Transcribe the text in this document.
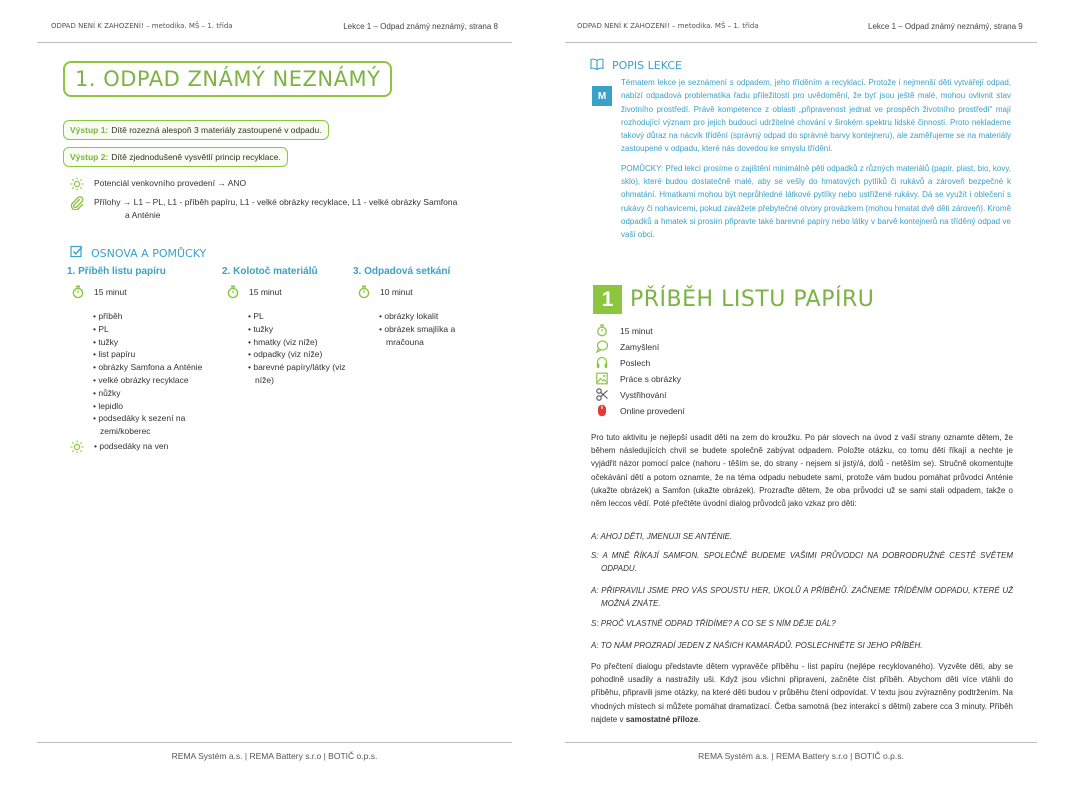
ODPAD NENÍ K ZAHOZENÍ! – metodika. MŠ – 1. třída	Lekce 1 – Odpad známý neznámý, strana 8
1. ODPAD ZNÁMÝ NEZNÁMÝ
Výstup 1: Dítě rozezná alespoň 3 materiály zastoupené v odpadu.
Výstup 2: Dítě zjednodušeně vysvětlí princip recyklace.
Potenciál venkovního provedení → ANO
Přílohy → L1 – PL, L1 - příběh papíru, L1 - velké obrázky recyklace, L1 - velké obrázky Samfona
a Anténie
OSNOVA A POMŮCKY
1. Příběh listu papíru
15 minut
• příběh
• PL
• tužky
• list papíru
• obrázky Samfona a Anténie
• velké obrázky recyklace
• nůžky
• lepidlo
• podsedáky k sezení na zemi/koberec
2. Kolotoč materiálů
15 minut
• PL
• tužky
• hmatky (viz níže)
• odpadky (viz níže)
• barevné papíry/látky (viz níže)
3. Odpadová setkání
10 minut
• obrázky lokalit
• obrázek smajlíka a mračouna
• podsedáky na ven
REMA Systém a.s. | REMA Battery s.r.o | BOTIČ o.p.s.
ODPAD NENÍ K ZAHOZENÍ! – metodika. MŠ – 1. třída	Lekce 1 – Odpad známý neznámý, strana 9
POPIS LEKCE
M

Tématem lekce je seznámení s odpadem, jeho tříděním a recyklací. Protože i nejmenší děti vytvářejí odpad, nabízí odpadová problematika řadu příležitostí pro uvědomění, že byť jsou ještě malé, mohou ovlivnit stav životního prostředí. Právě kompetence z oblasti „připravenost jednat ve prospěch životního prostředí“ mají rozhodující význam pro jejich budoucí udržitelné chování v širokém spektru lidské činnosti. Proto neklademe takový důraz na nácvik třídění (správný odpad do správné barvy kontejneru), ale zaměřujeme se na materiály zastoupené v odpadu, které nás dovedou ke smyslu třídění.

POMŮCKY: Před lekcí prosíme o zajištění minimálně pěti odpadků z různých materiálů (papír, plast, bio, kovy, sklo), které budou dostatečně malé, aby se vešly do hmatových pytlíků či rukávů a zároveň bezpečné k ohmatání. Hmatkami mohou být neprůhledné látkové pytlíky nebo ustřižené rukávy. Dá se využít i oblečení s rukávy či nohavicemi, pokud zavážete přebytečné otvory provázkem (mohou hmatat dvě děti zároveň). Kromě odpadků a hmatek si prosím připravte také barevné papíry nebo látky v barvě kontejnerů na tříděný odpad ve vaší obci.

1 PŘÍBĚH LISTU PAPÍRU
15 minut
Zamyšlení
Poslech
Práce s obrázky
Vystřihování
Online provedení
Pro tuto aktivitu je nejlepší usadit děti na zem do kroužku. Po pár slovech na úvod z vaší strany oznamte dětem, že během následujících chvil se budete společně zabývat odpadem. Položte otázku, co tomu děti říkají a nechte je vyjádřit názor pomocí palce (nahoru - těším se, do strany - nejsem si jistý/á, dolů - netěším se). Stručně okomentujte očekávání dětí a potom oznamte, že na téma odpadu nebudete sami, protože vám budou pomáhat průvodci Anténie (ukažte obrázek) a Samfon (ukažte obrázek). Prozraďte dětem, že oba průvodci už se sami stali odpadem, takže o něm leccos vědí. Poté přečtěte úvodní dialog průvodců jako vzkaz pro děti:
A: AHOJ DĚTI, JMENUJI SE ANTÉNIE.
S: A MNĚ ŘÍKAJÍ SAMFON. SPOLEČNĚ BUDEME VAŠIMI PRŮVODCI NA DOBRODRUŽNÉ CESTĚ SVĚTEM ODPADU.
A: PŘIPRAVILI JSME PRO VÁS SPOUSTU HER, ÚKOLŮ A PŘÍBĚHŮ. ZAČNEME TŘÍDĚNÍM ODPADU, KTERÉ UŽ MOŽNÁ ZNÁTE.
S: PROČ VLASTNĚ ODPAD TŘÍDÍME? A CO SE S NÍM DĚJE DÁL?
A: TO NÁM PROZRADÍ JEDEN Z NAŠICH KAMARÁDŮ. POSLECHNĚTE SI JEHO PŘÍBĚH.
Po přečtení dialogu představte dětem vypravěče příběhu - list papíru (nejlépe recyklovaného). Vyzvěte děti, aby se pohodlně usadily a nastražily uši. Když jsou všichni připraveni, začněte číst příběh. Abychom děti více vtáhli do příběhu, připravili jsme otázky, na které děti budou v průběhu čtení odpovídat. V textu jsou zvýrazněny podtržením. Na vhodných místech si můžete pomáhat dramatizací. Četba samotná (bez interakcí s dětmi) zabere cca 3 minuty. Příběh najdete v samostatné příloze.
REMA Systém a.s. | REMA Battery s.r.o | BOTIČ o.p.s.
